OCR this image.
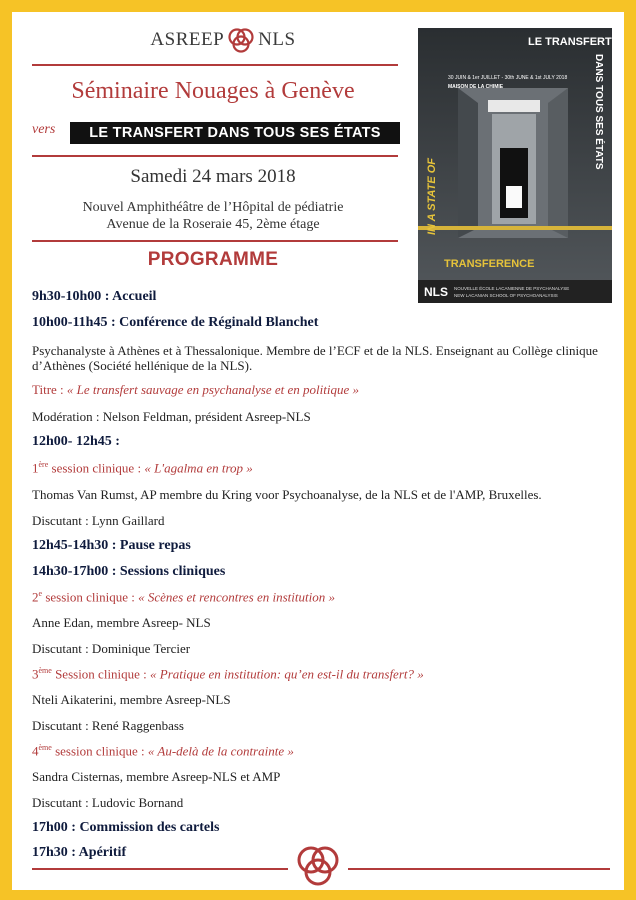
ASREEP NLS
Séminaire Nouages à Genève
vers	LE TRANSFERT DANS TOUS SES ÉTATS
Samedi 24 mars 2018
Nouvel Amphithéâtre de l’Hôpital de pédiatrie
Avenue de la Roseraie 45, 2ème étage
PROGRAMME
LE TRANSFERT
DANS TOUS SES ÉTATS
IN A STATE OF
30 JUIN & 1er JUILLET - 30th JUNE & 1st JULY 2018
MAISON DE LA CHIMIE
TRANSFERENCE
NLS NOUVELLE ÉCOLE LACANIENNE DE PSYCHANALYSE
NEW LACANIAN SCHOOL OF PSYCHOANALYSIS
9h30-10h00 : Accueil
10h00-11h45 : Conférence de Réginald Blanchet
Psychanalyste à Athènes et à Thessalonique. Membre de l’ECF et de la NLS. Enseignant au Collège clinique d’Athènes (Société hellénique de la NLS).
Titre : « Le transfert sauvage en psychanalyse et en politique »
Modération : Nelson Feldman, président Asreep-NLS
12h00- 12h45 :
1ère session clinique : « L'agalma en trop »
Thomas Van Rumst, AP membre du Kring voor Psychoanalyse, de la NLS et de l'AMP, Bruxelles.
Discutant : Lynn Gaillard
12h45-14h30 : Pause repas
14h30-17h00 : Sessions cliniques
2e session clinique : « Scènes et rencontres en institution »
Anne Edan, membre Asreep- NLS
Discutant : Dominique Tercier
3ème Session clinique : « Pratique en institution: qu’en est-il du transfert? »
Nteli Aikaterini, membre Asreep-NLS
Discutant : René Raggenbass
4ème session clinique : « Au-delà de la contrainte »
Sandra Cisternas, membre Asreep-NLS et AMP
Discutant : Ludovic Bornand
17h00 : Commission des cartels
17h30 : Apéritif
